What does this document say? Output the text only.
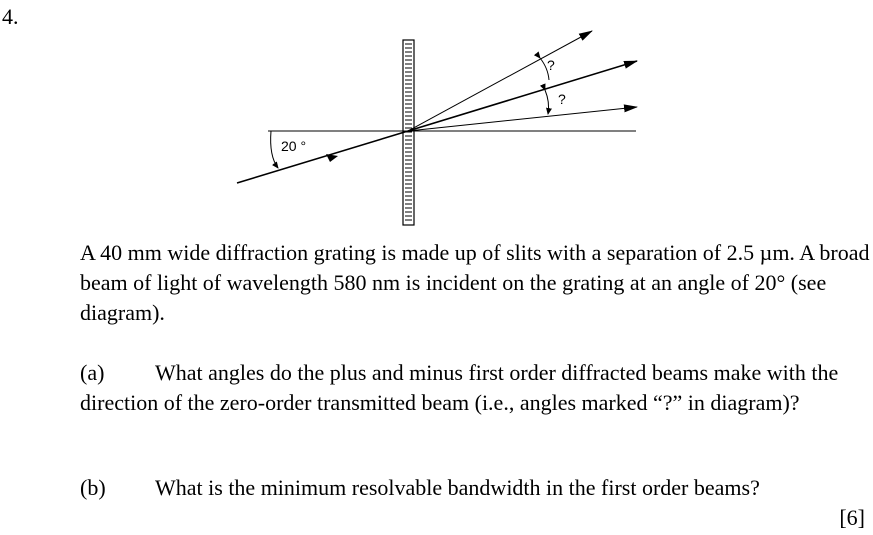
4.
20 °
?
?

A 40 mm wide diffraction grating is made up of slits with a separation of 2.5 µm. A broad beam of light of wavelength 580 nm is incident on the grating at an angle of 20° (see diagram).

(a) What angles do the plus and minus first order diffracted beams make with the direction of the zero-order transmitted beam (i.e., angles marked “?” in diagram)?

(b) What is the minimum resolvable bandwidth in the first order beams?

[6]
